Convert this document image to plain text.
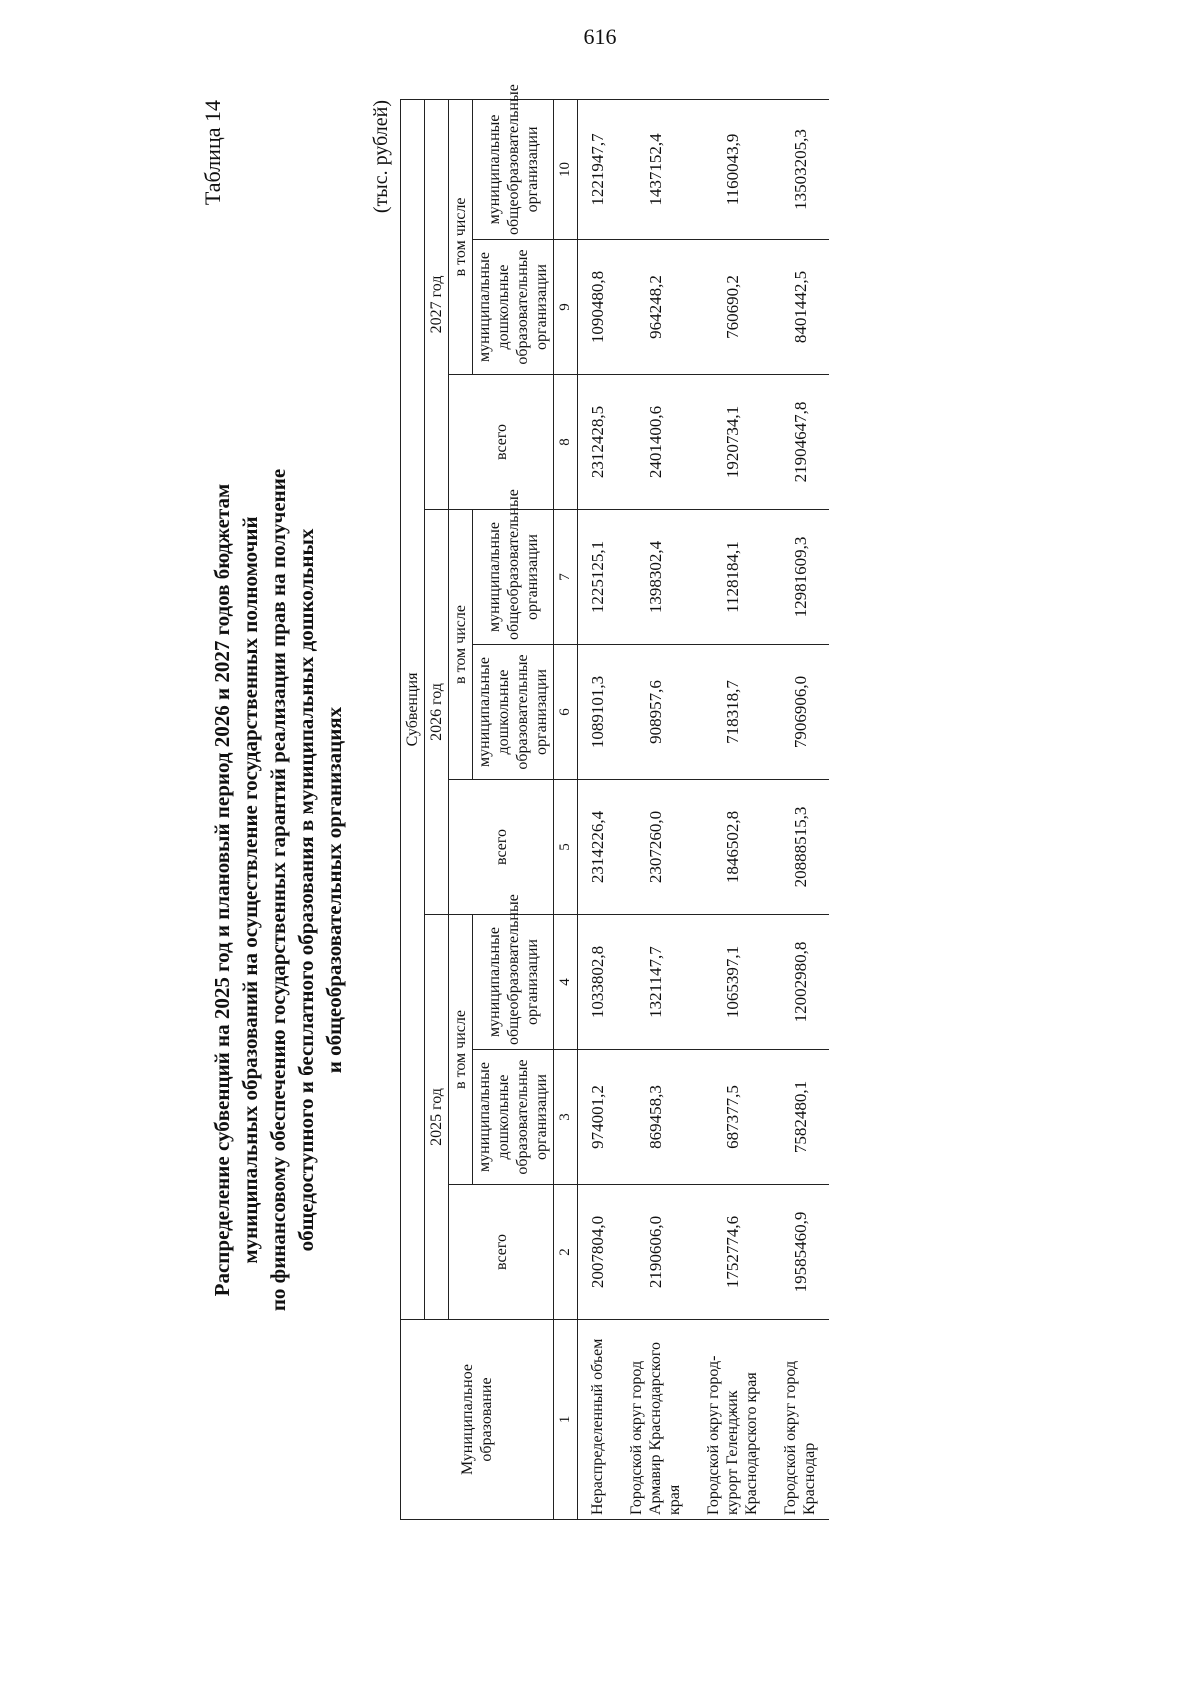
616
Таблица 14
Распределение субвенций на 2025 год и плановый период 2026 и 2027 годов бюджетам муниципальных образований на осуществление государственных полномочий по финансовому обеспечению государственных гарантий реализации прав на получение общедоступного и бесплатного образования в муниципальных дошкольных и общеобразовательных организациях
(тыс. рублей)
Муниципальное образование	Субвенция								
	2025 год			2026 год			2027 год		
	всего	в том числе		всего	в том числе		всего	в том числе	
		муниципальные дошкольные образовательные организации	муниципальные общеобразовательные организации		муниципальные дошкольные образовательные организации	муниципальные общеобразовательные организации		муниципальные дошкольные образовательные организации	муниципальные общеобразовательные организации
1	2	3	4	5	6	7	8	9	10
Нераспределенный объем	2007804,0	974001,2	1033802,8	2314226,4	1089101,3	1225125,1	2312428,5	1090480,8	1221947,7
Городской округ город Армавир Краснодарского края	2190606,0	869458,3	1321147,7	2307260,0	908957,6	1398302,4	2401400,6	964248,2	1437152,4
Городской округ город-курорт Геленджик Краснодарского края	1752774,6	687377,5	1065397,1	1846502,8	718318,7	1128184,1	1920734,1	760690,2	1160043,9
Городской округ город Краснодар	19585460,9	7582480,1	12002980,8	20888515,3	7906906,0	12981609,3	21904647,8	8401442,5	13503205,3
